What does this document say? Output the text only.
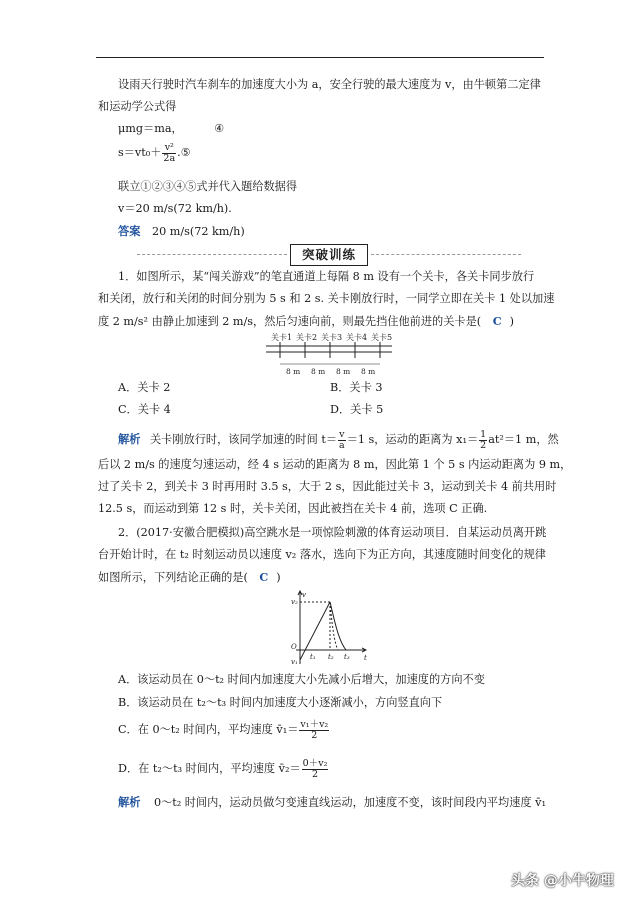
设雨天行驶时汽车刹车的加速度大小为 a，安全行驶的最大速度为 v，由牛顿第二定律
和运动学公式得
μmg＝ma，	④
$s=vt_0+ \frac{\text{v²}}{2a}$ .⑤
联立①②③④⑤式并代入题给数据得
v＝20 m/s(72 km/h).
答案 20 m/s(72 km/h)
突破训练
1．如图所示，某“闯关游戏”的笔直通道上每隔 8 m 设有一个关卡，各关卡同步放行
和关闭，放行和关闭的时间分别为 5 s 和 2 s. 关卡刚放行时，一同学立即在关卡 1 处以加速
度 2 m/s² 由静止加速到 2 m/s，然后匀速向前，则最先挡住他前进的关卡是( C )
关卡1 关卡2 关卡3 关卡4 关卡5
8 m 8 m 8 m 8 m
A．关卡 2	B．关卡 3
C．关卡 4	D．关卡 5
解析 关卡刚放行时，该同学加速的时间 $t= \frac{v}{a} =1$ s，运动的距离为 $x_1= \frac{1}{2} at^2=1$ m，然
后以 2 m/s 的速度匀速运动，经 4 s 运动的距离为 8 m，因此第 1 个 5 s 内运动距离为 9 m，
过了关卡 2，到关卡 3 时再用时 3.5 s，大于 2 s，因此能过关卡 3，运动到关卡 4 前共用时
12.5 s，而运动到第 12 s 时，关卡关闭，因此被挡在关卡 4 前，选项 C 正确.
2．(2017·安徽合肥模拟)高空跳水是一项惊险刺激的体育运动项目．自某运动员离开跳
台开始计时，在 t₂ 时刻运动员以速度 v₂ 落水，选向下为正方向，其速度随时间变化的规律
如图所示，下列结论正确的是( C )
v
t
O
v₂
v₁
t₁ t₂ t₃
A．该运动员在 0～t₂ 时间内加速度大小先减小后增大，加速度的方向不变
B．该运动员在 t₂～t₃ 时间内加速度大小逐渐减小，方向竖直向下
C．在 0～t₂ 时间内，平均速度 v̄₁＝ $\frac{\text{v₁＋v₂}}{2}$
D．在 t₂～t₃ 时间内，平均速度 v̄₂＝ $\frac{\text{0＋v₂}}{2}$
解析 0～t₂ 时间内，运动员做匀变速直线运动，加速度不变，该时间段内平均速度 v̄₁
头条 @小牛物理
